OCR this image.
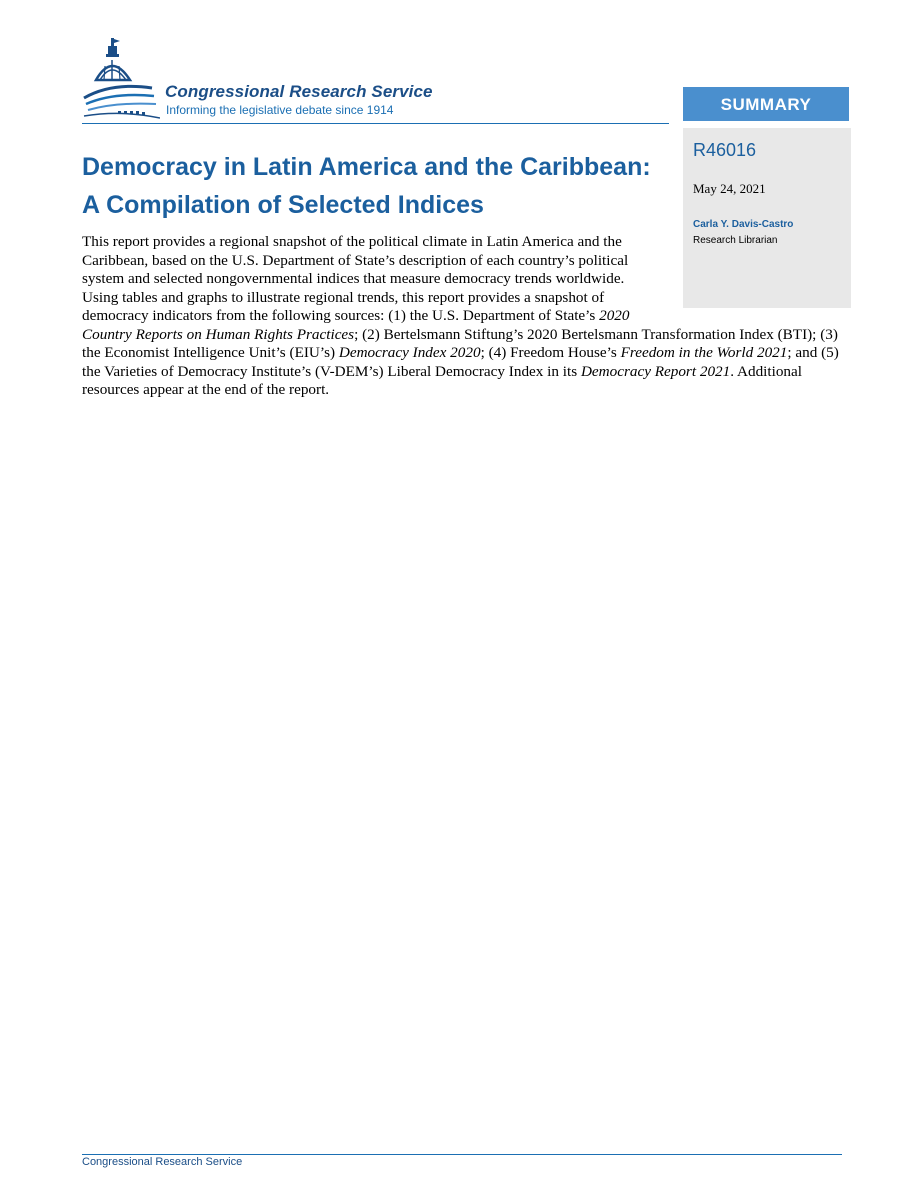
Congressional Research Service
Informing the legislative debate since 1914	SUMMARY
R46016
May 24, 2021
Carla Y. Davis-Castro
Research Librarian
Democracy in Latin America and the Caribbean: A Compilation of Selected Indices

This report provides a regional snapshot of the political climate in Latin America and the Caribbean, based on the U.S. Department of State’s description of each country’s political system and selected nongovernmental indices that measure democracy trends worldwide. Using tables and graphs to illustrate regional trends, this report provides a snapshot of democracy indicators from the following sources: (1) the U.S. Department of State’s 2020 Country Reports on Human Rights Practices; (2) Bertelsmann Stiftung’s 2020 Bertelsmann Transformation Index (BTI); (3) the Economist Intelligence Unit’s (EIU’s) Democracy Index 2020; (4) Freedom House’s Freedom in the World 2021; and (5) the Varieties of Democracy Institute’s (V-DEM’s) Liberal Democracy Index in its Democracy Report 2021. Additional resources appear at the end of the report.

Congressional Research Service
